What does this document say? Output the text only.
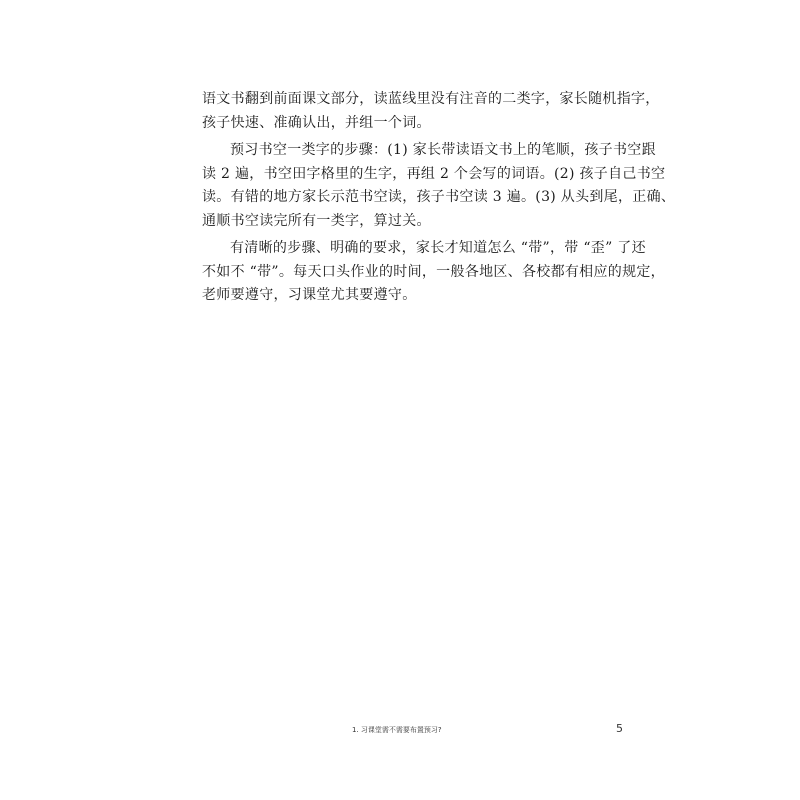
语文书翻到前面课文部分，读蓝线里没有注音的二类字，家长随机指字，
孩子快速、准确认出，并组一个词。
预习书空一类字的步骤：(1) 家长带读语文书上的笔顺，孩子书空跟
读 2 遍，书空田字格里的生字，再组 2 个会写的词语。(2) 孩子自己书空
读。有错的地方家长示范书空读，孩子书空读 3 遍。(3) 从头到尾，正确、
通顺书空读完所有一类字，算过关。
有清晰的步骤、明确的要求，家长才知道怎么 “带”，带 “歪” 了还
不如不 “带”。每天口头作业的时间，一般各地区、各校都有相应的规定，
老师要遵守，习课堂尤其要遵守。
1. 习课堂需不需要布置预习?	5
